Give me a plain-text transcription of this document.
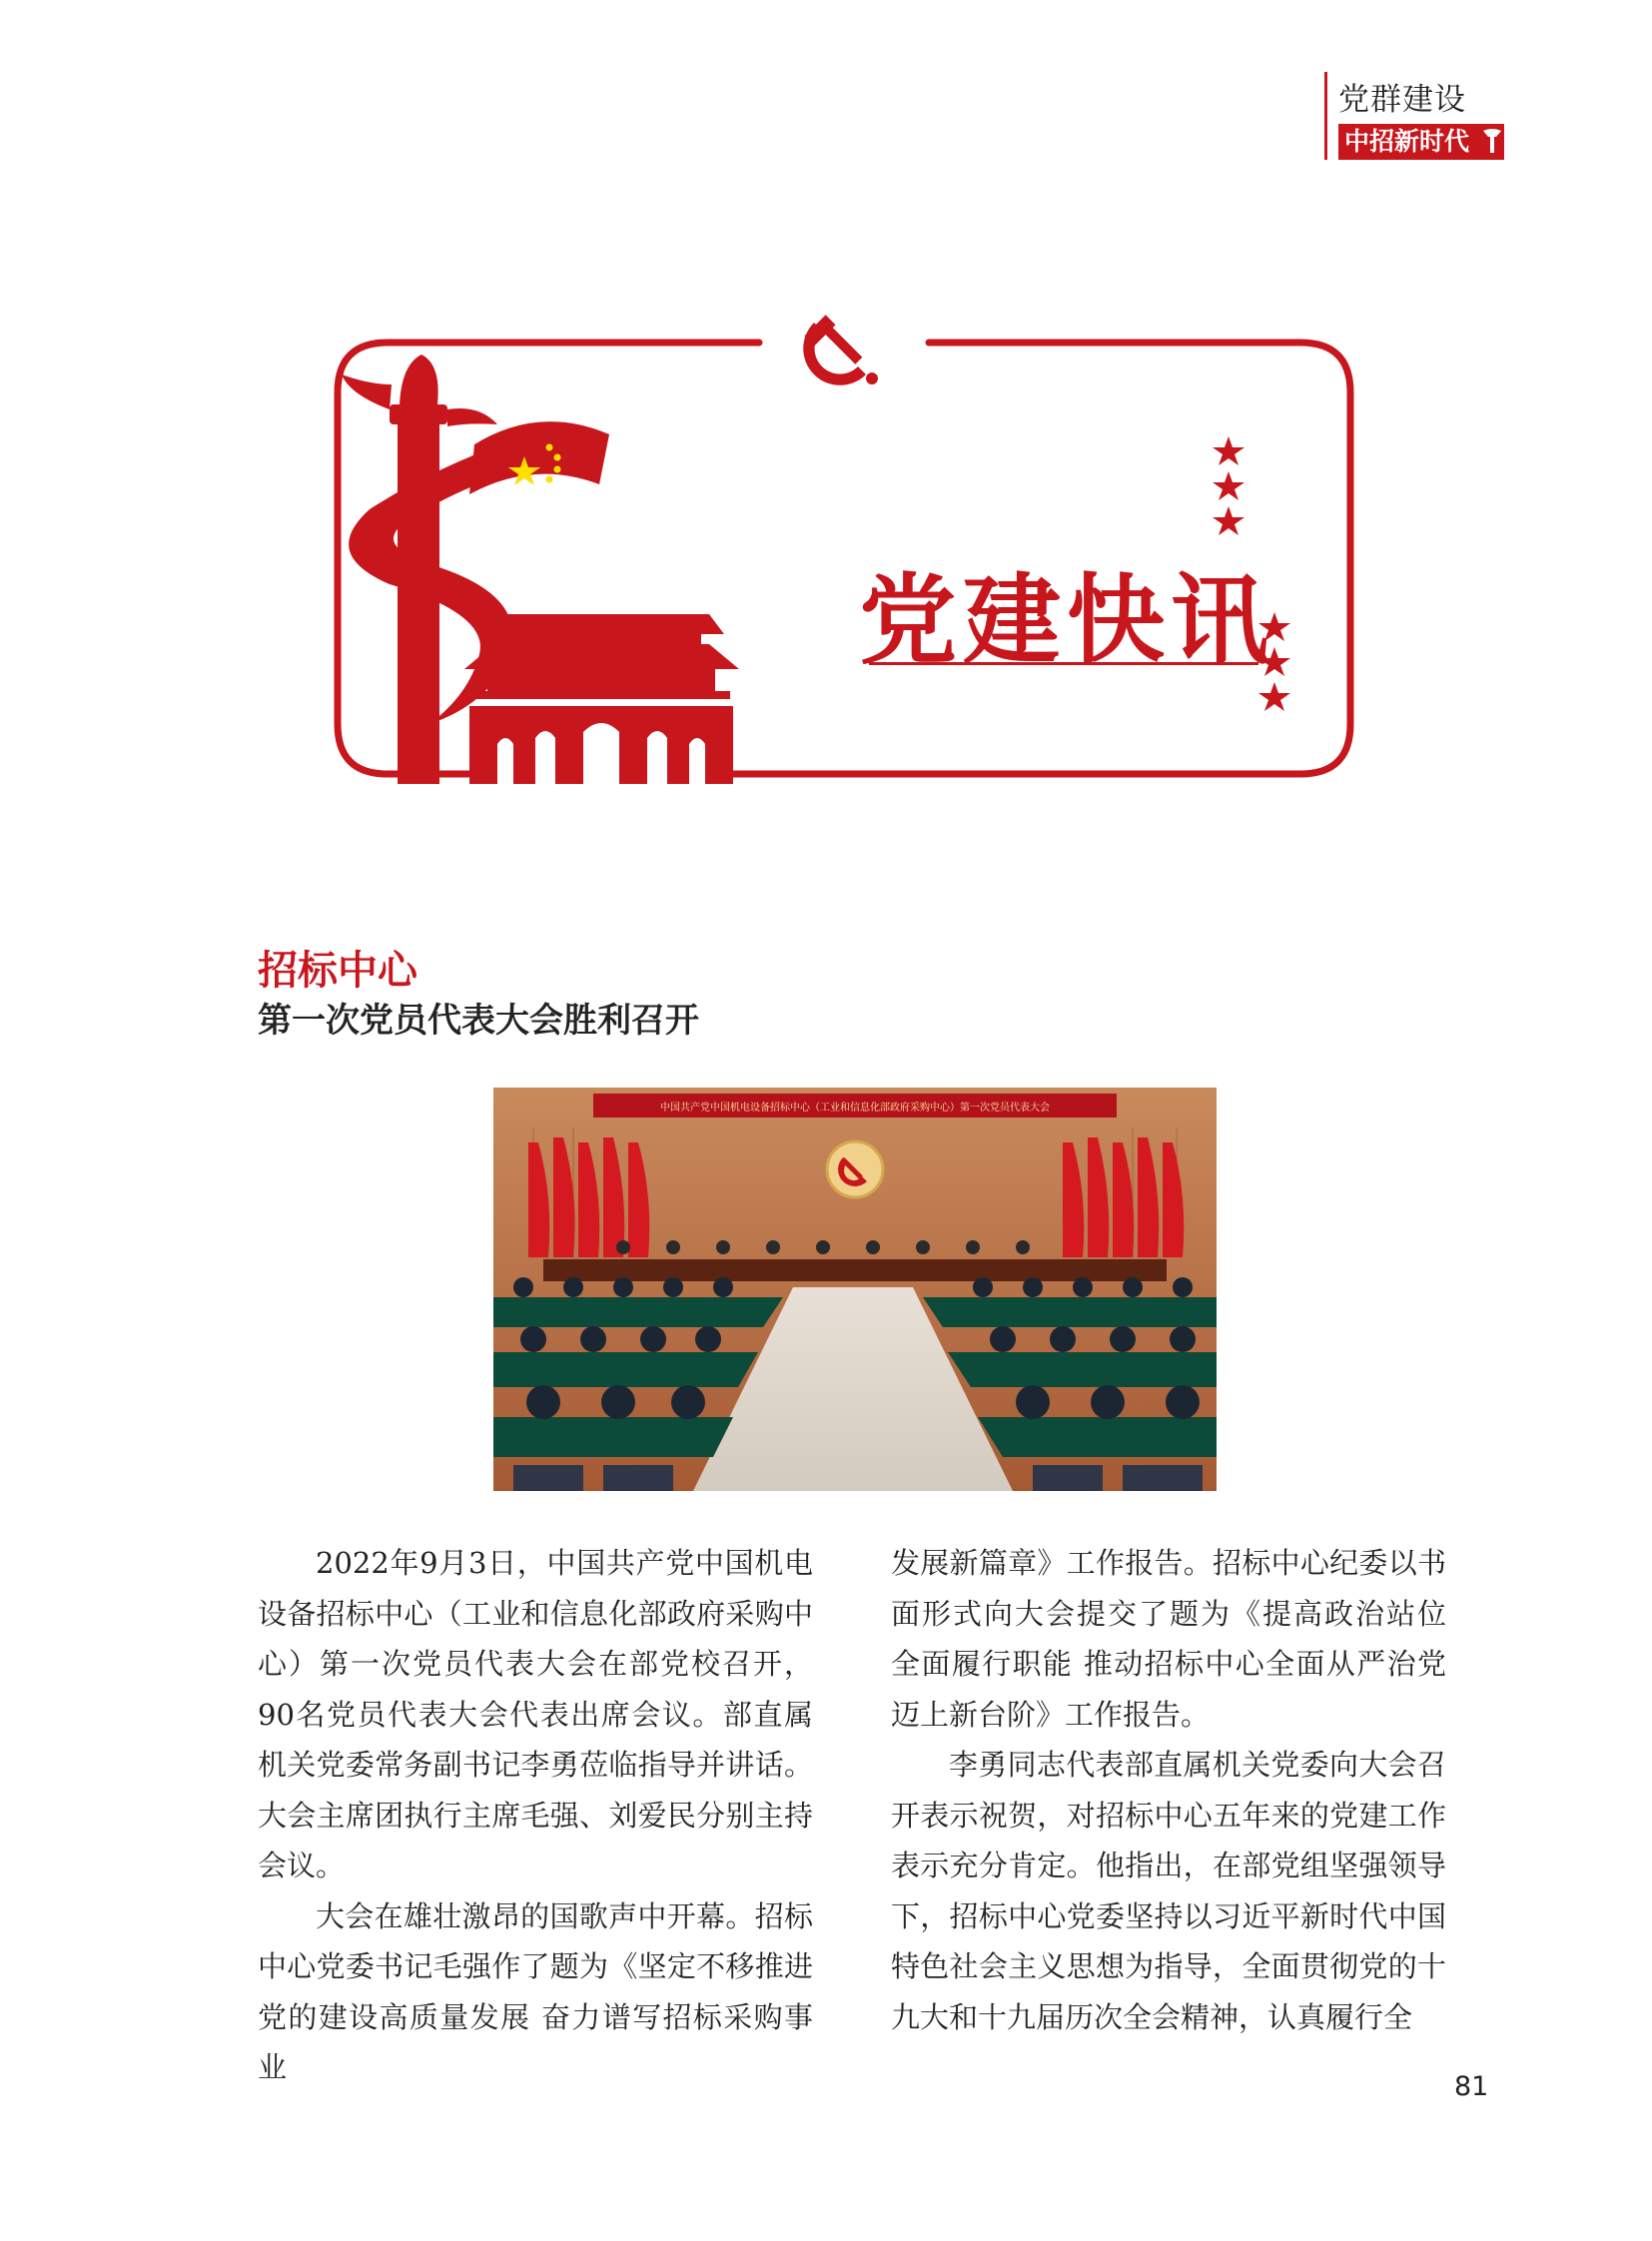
党群建设
中招新时代
党建快讯
招标中心
第一次党员代表大会胜利召开
中国共产党中国机电设备招标中心（工业和信息化部政府采购中心）第一次党员代表大会

2022年9月3日，中国共产党中国机电设备招标中心（工业和信息化部政府采购中心）第一次党员代表大会在部党校召开，90名党员代表大会代表出席会议。部直属机关党委常务副书记李勇莅临指导并讲话。大会主席团执行主席毛强、刘爱民分别主持会议。

大会在雄壮激昂的国歌声中开幕。招标中心党委书记毛强作了题为《坚定不移推进党的建设高质量发展 奋力谱写招标采购事业

发展新篇章》工作报告。招标中心纪委以书面形式向大会提交了题为《提高政治站位 全面履行职能 推动招标中心全面从严治党迈上新台阶》工作报告。

李勇同志代表部直属机关党委向大会召开表示祝贺，对招标中心五年来的党建工作表示充分肯定。他指出，在部党组坚强领导下，招标中心党委坚持以习近平新时代中国特色社会主义思想为指导，全面贯彻党的十九大和十九届历次全会精神，认真履行全

81
